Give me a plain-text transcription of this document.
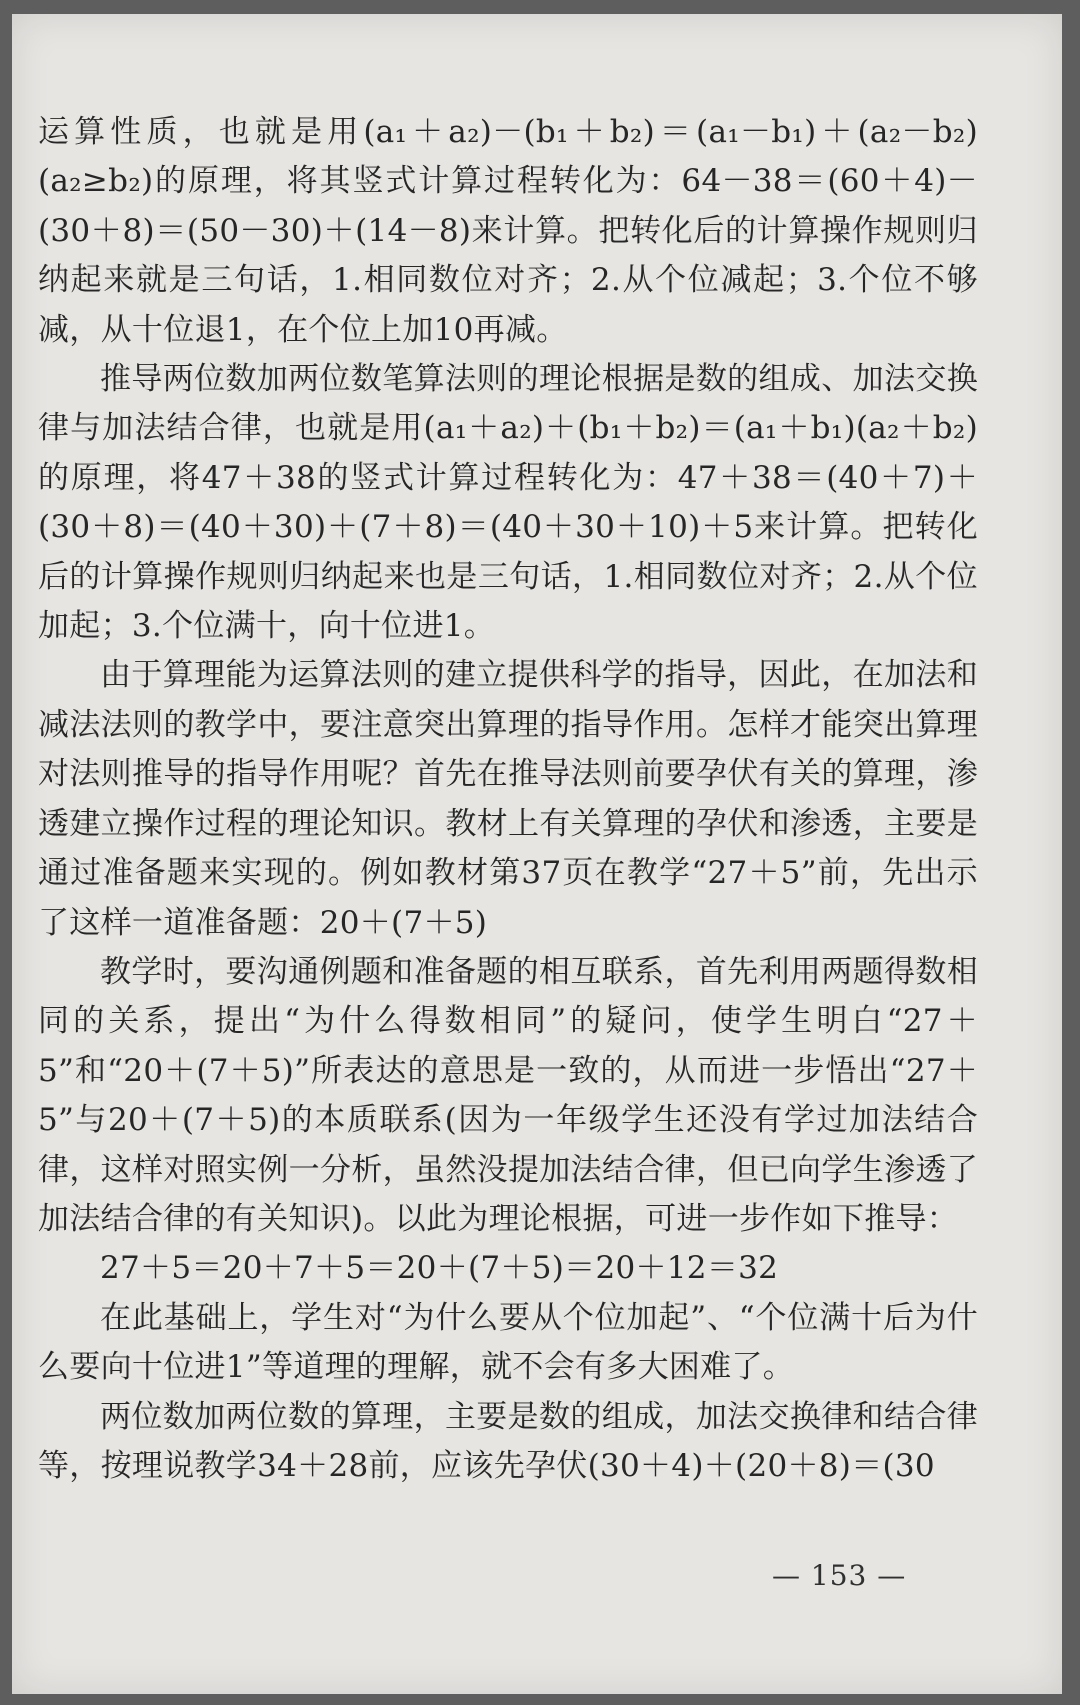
运算性质，也就是用(a₁＋a₂)－(b₁＋b₂)＝(a₁－b₁)＋(a₂－b₂)(a₂≥b₂)的原理，将其竖式计算过程转化为：64－38＝(60＋4)－(30＋8)＝(50－30)＋(14－8)来计算。把转化后的计算操作规则归纳起来就是三句话，1.相同数位对齐；2.从个位减起；3.个位不够减，从十位退1，在个位上加10再减。

推导两位数加两位数笔算法则的理论根据是数的组成、加法交换律与加法结合律，也就是用(a₁＋a₂)＋(b₁＋b₂)＝(a₁＋b₁)(a₂＋b₂)的原理，将47＋38的竖式计算过程转化为：47＋38＝(40＋7)＋(30＋8)＝(40＋30)＋(7＋8)＝(40＋30＋10)＋5来计算。把转化后的计算操作规则归纳起来也是三句话，1.相同数位对齐；2.从个位加起；3.个位满十，向十位进1。

由于算理能为运算法则的建立提供科学的指导，因此，在加法和减法法则的教学中，要注意突出算理的指导作用。怎样才能突出算理对法则推导的指导作用呢？首先在推导法则前要孕伏有关的算理，渗透建立操作过程的理论知识。教材上有关算理的孕伏和渗透，主要是通过准备题来实现的。例如教材第37页在教学“27＋5”前，先出示了这样一道准备题：20＋(7＋5)

教学时，要沟通例题和准备题的相互联系，首先利用两题得数相同的关系，提出“为什么得数相同”的疑问，使学生明白“27＋5”和“20＋(7＋5)”所表达的意思是一致的，从而进一步悟出“27＋5”与20＋(7＋5)的本质联系(因为一年级学生还没有学过加法结合律，这样对照实例一分析，虽然没提加法结合律，但已向学生渗透了加法结合律的有关知识)。以此为理论根据，可进一步作如下推导：

27＋5＝20＋7＋5＝20＋(7＋5)＝20＋12＝32

在此基础上，学生对“为什么要从个位加起”、“个位满十后为什么要向十位进1”等道理的理解，就不会有多大困难了。

两位数加两位数的算理，主要是数的组成，加法交换律和结合律等，按理说教学34＋28前，应该先孕伏(30＋4)＋(20＋8)＝(30

— 153 —
